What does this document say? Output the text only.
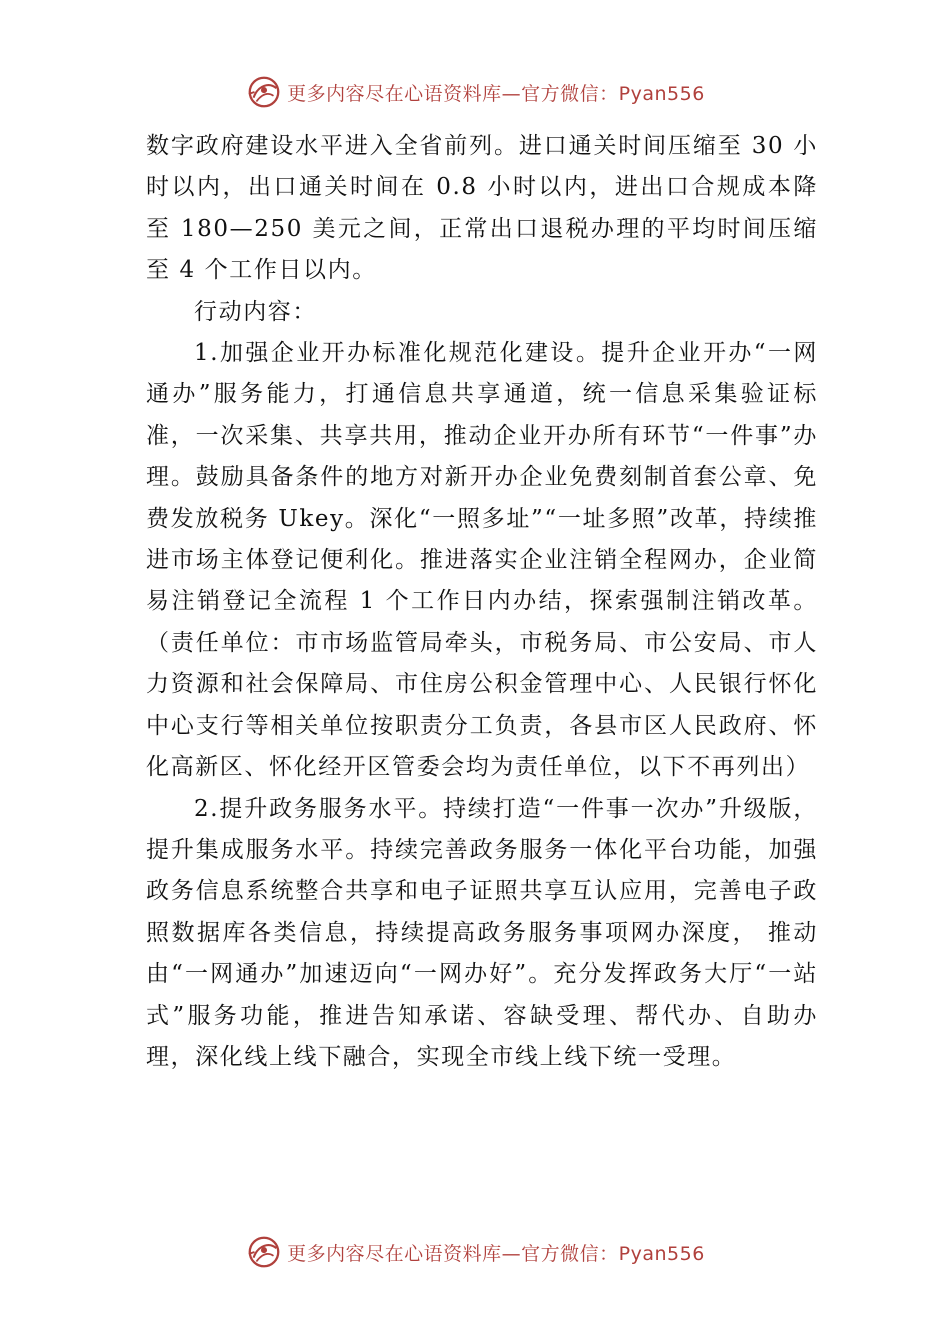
更多内容尽在心语资料库—官方微信：Pyan556

数字政府建设水平进入全省前列。进口通关时间压缩至 30 小时以内，出口通关时间在 0.8 小时以内，进出口合规成本降至 180—250 美元之间，正常出口退税办理的平均时间压缩至 4 个工作日以内。

行动内容：

1.加强企业开办标准化规范化建设。提升企业开办“一网通办”服务能力，打通信息共享通道，统一信息采集验证标准，一次采集、共享共用，推动企业开办所有环节“一件事”办理。鼓励具备条件的地方对新开办企业免费刻制首套公章、免费发放税务 Ukey。深化“一照多址”“一址多照”改革，持续推进市场主体登记便利化。推进落实企业注销全程网办，企业简易注销登记全流程 1 个工作日内办结，探索强制注销改革。（责任单位：市市场监管局牵头，市税务局、市公安局、市人力资源和社会保障局、市住房公积金管理中心、人民银行怀化中心支行等相关单位按职责分工负责，各县市区人民政府、怀化高新区、怀化经开区管委会均为责任单位，以下不再列出）

2.提升政务服务水平。持续打造“一件事一次办”升级版，提升集成服务水平。持续完善政务服务一体化平台功能，加强政务信息系统整合共享和电子证照共享互认应用，完善电子政照数据库各类信息，持续提高政务服务事项网办深度， 推动由“一网通办”加速迈向“一网办好”。充分发挥政务大厅“一站式”服务功能，推进告知承诺、容缺受理、帮代办、自助办理，深化线上线下融合，实现全市线上线下统一受理。

更多内容尽在心语资料库—官方微信：Pyan556
